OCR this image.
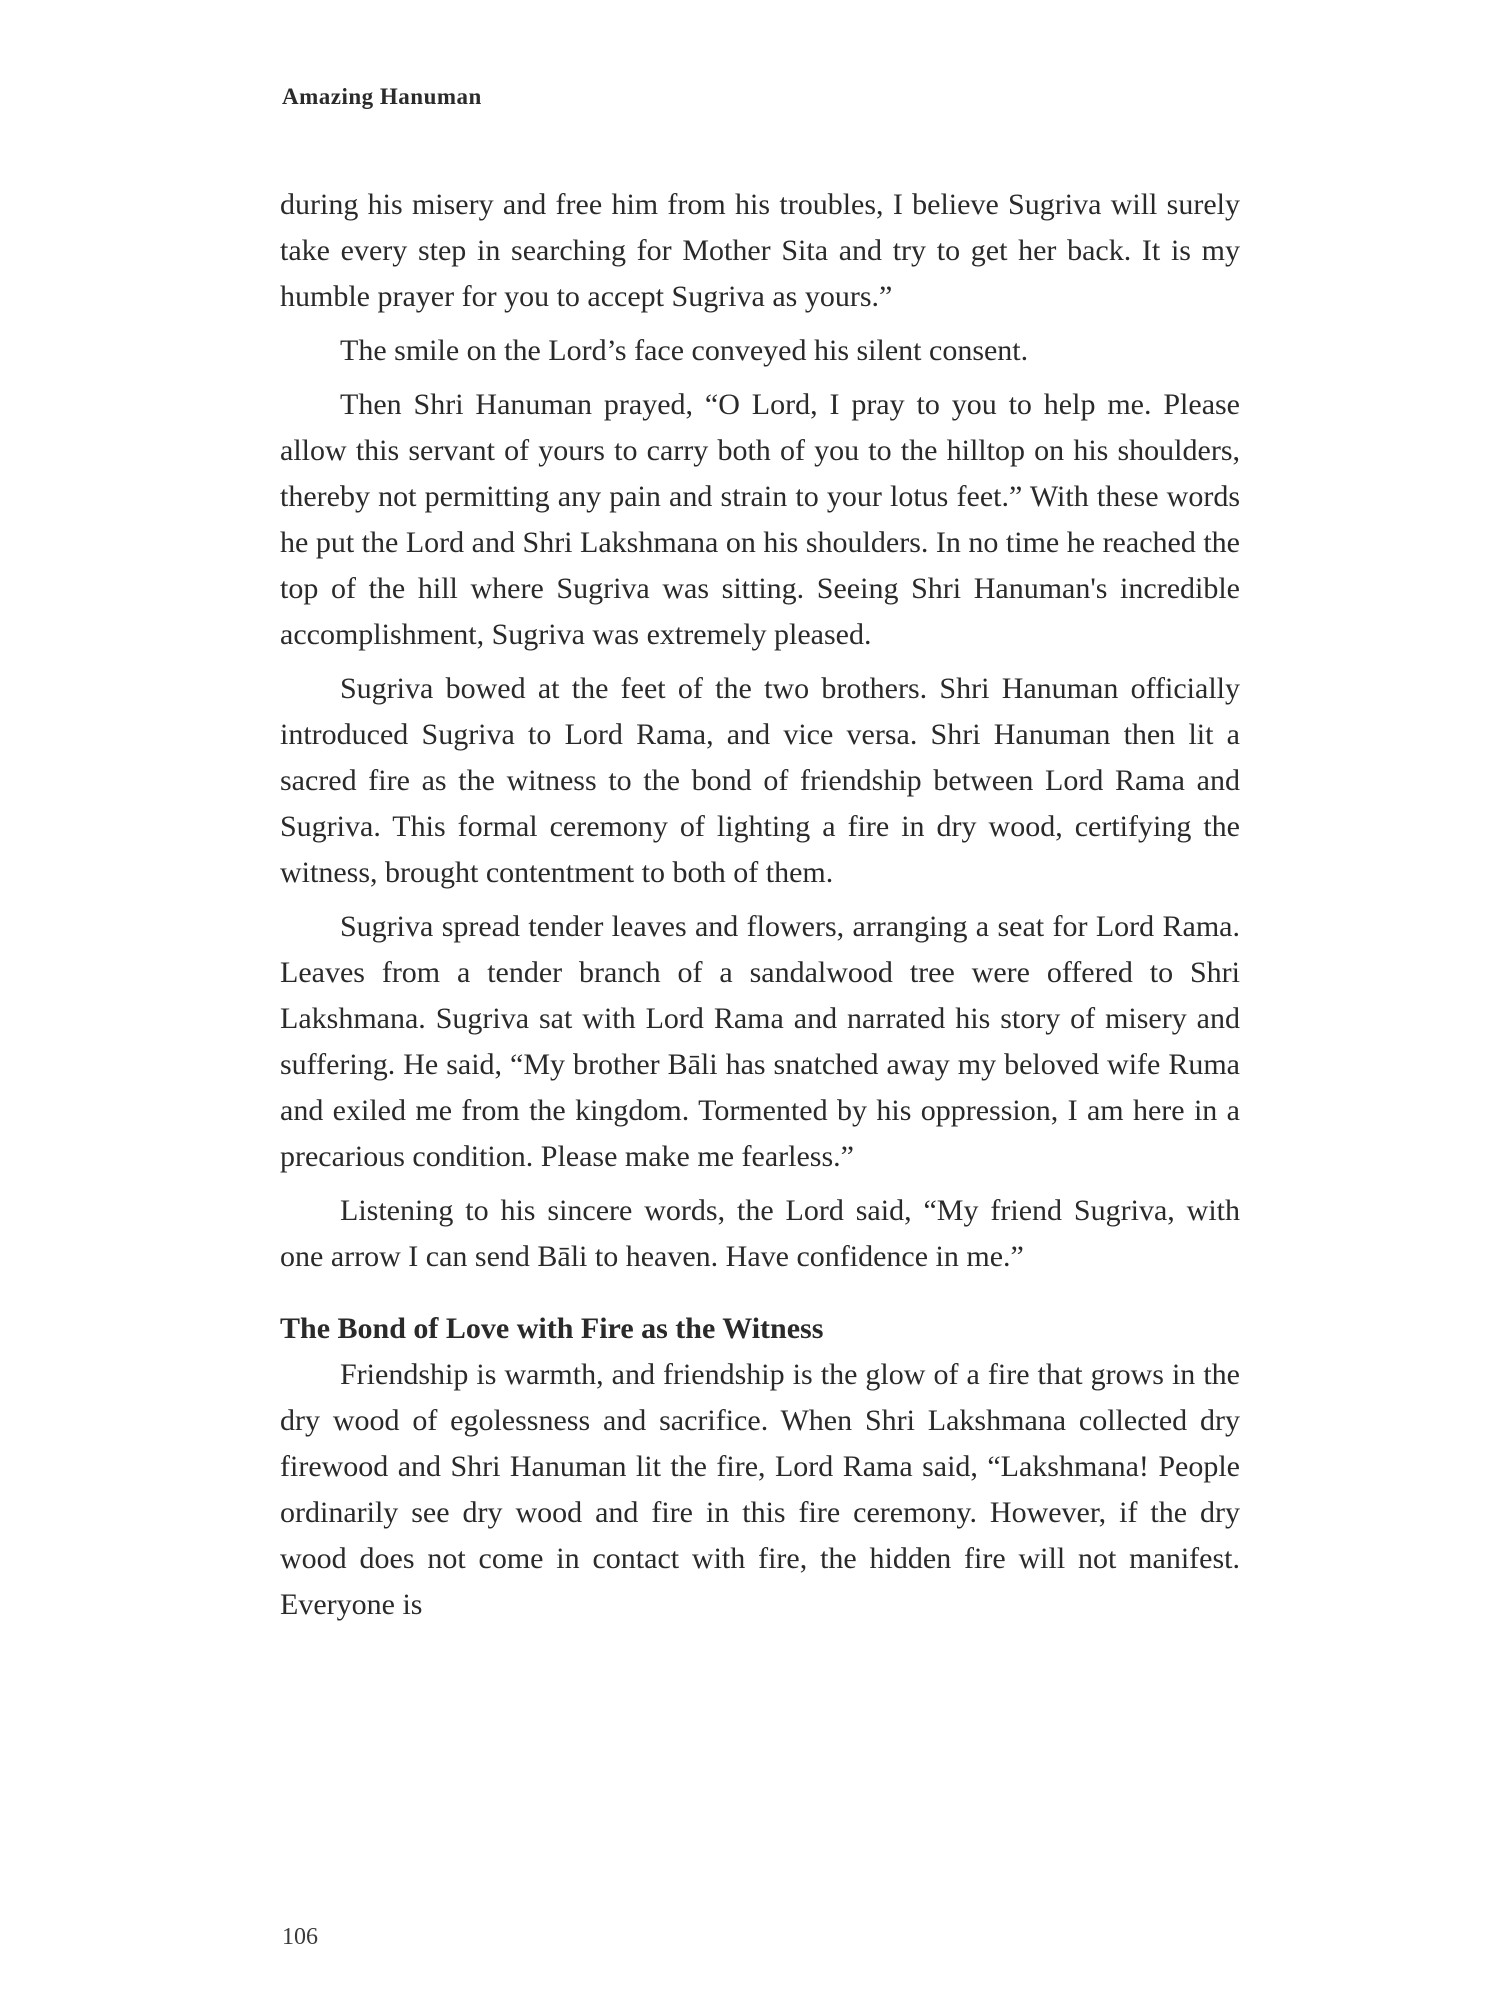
Amazing Hanuman

during his misery and free him from his troubles, I believe Sugriva will surely take every step in searching for Mother Sita and try to get her back. It is my humble prayer for you to accept Sugriva as yours.”

The smile on the Lord’s face conveyed his silent consent.

Then Shri Hanuman prayed, “O Lord, I pray to you to help me. Please allow this servant of yours to carry both of you to the hilltop on his shoulders, thereby not permitting any pain and strain to your lotus feet.” With these words he put the Lord and Shri Lakshmana on his shoulders. In no time he reached the top of the hill where Sugriva was sitting. Seeing Shri Hanuman's incredible accomplishment, Sugriva was extremely pleased.

Sugriva bowed at the feet of the two brothers. Shri Hanuman officially introduced Sugriva to Lord Rama, and vice versa. Shri Hanuman then lit a sacred fire as the witness to the bond of friendship between Lord Rama and Sugriva. This formal ceremony of lighting a fire in dry wood, certifying the witness, brought contentment to both of them.

Sugriva spread tender leaves and flowers, arranging a seat for Lord Rama. Leaves from a tender branch of a sandalwood tree were offered to Shri Lakshmana. Sugriva sat with Lord Rama and narrated his story of misery and suffering. He said, “My brother Bāli has snatched away my beloved wife Ruma and exiled me from the kingdom. Tormented by his oppression, I am here in a precarious condition. Please make me fearless.”

Listening to his sincere words, the Lord said, “My friend Sugriva, with one arrow I can send Bāli to heaven. Have confidence in me.”

The Bond of Love with Fire as the Witness

Friendship is warmth, and friendship is the glow of a fire that grows in the dry wood of egolessness and sacrifice. When Shri Lakshmana collected dry firewood and Shri Hanuman lit the fire, Lord Rama said, “Lakshmana! People ordinarily see dry wood and fire in this fire ceremony. However, if the dry wood does not come in contact with fire, the hidden fire will not manifest. Everyone is

106
